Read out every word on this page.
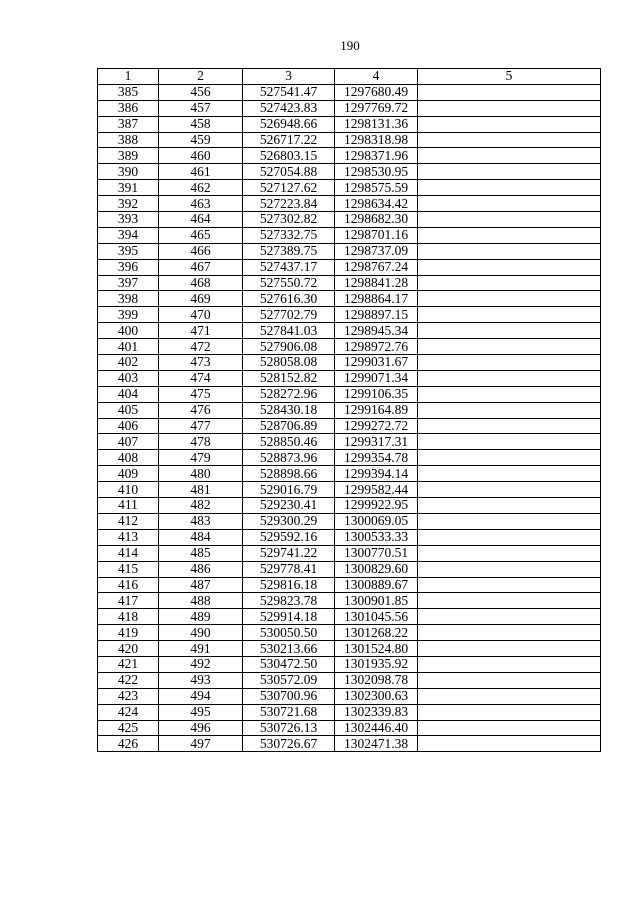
190
1	2	3	4	5
385	456	527541.47	1297680.49	
386	457	527423.83	1297769.72	
387	458	526948.66	1298131.36	
388	459	526717.22	1298318.98	
389	460	526803.15	1298371.96	
390	461	527054.88	1298530.95	
391	462	527127.62	1298575.59	
392	463	527223.84	1298634.42	
393	464	527302.82	1298682.30	
394	465	527332.75	1298701.16	
395	466	527389.75	1298737.09	
396	467	527437.17	1298767.24	
397	468	527550.72	1298841.28	
398	469	527616.30	1298864.17	
399	470	527702.79	1298897.15	
400	471	527841.03	1298945.34	
401	472	527906.08	1298972.76	
402	473	528058.08	1299031.67	
403	474	528152.82	1299071.34	
404	475	528272.96	1299106.35	
405	476	528430.18	1299164.89	
406	477	528706.89	1299272.72	
407	478	528850.46	1299317.31	
408	479	528873.96	1299354.78	
409	480	528898.66	1299394.14	
410	481	529016.79	1299582.44	
411	482	529230.41	1299922.95	
412	483	529300.29	1300069.05	
413	484	529592.16	1300533.33	
414	485	529741.22	1300770.51	
415	486	529778.41	1300829.60	
416	487	529816.18	1300889.67	
417	488	529823.78	1300901.85	
418	489	529914.18	1301045.56	
419	490	530050.50	1301268.22	
420	491	530213.66	1301524.80	
421	492	530472.50	1301935.92	
422	493	530572.09	1302098.78	
423	494	530700.96	1302300.63	
424	495	530721.68	1302339.83	
425	496	530726.13	1302446.40	
426	497	530726.67	1302471.38	
